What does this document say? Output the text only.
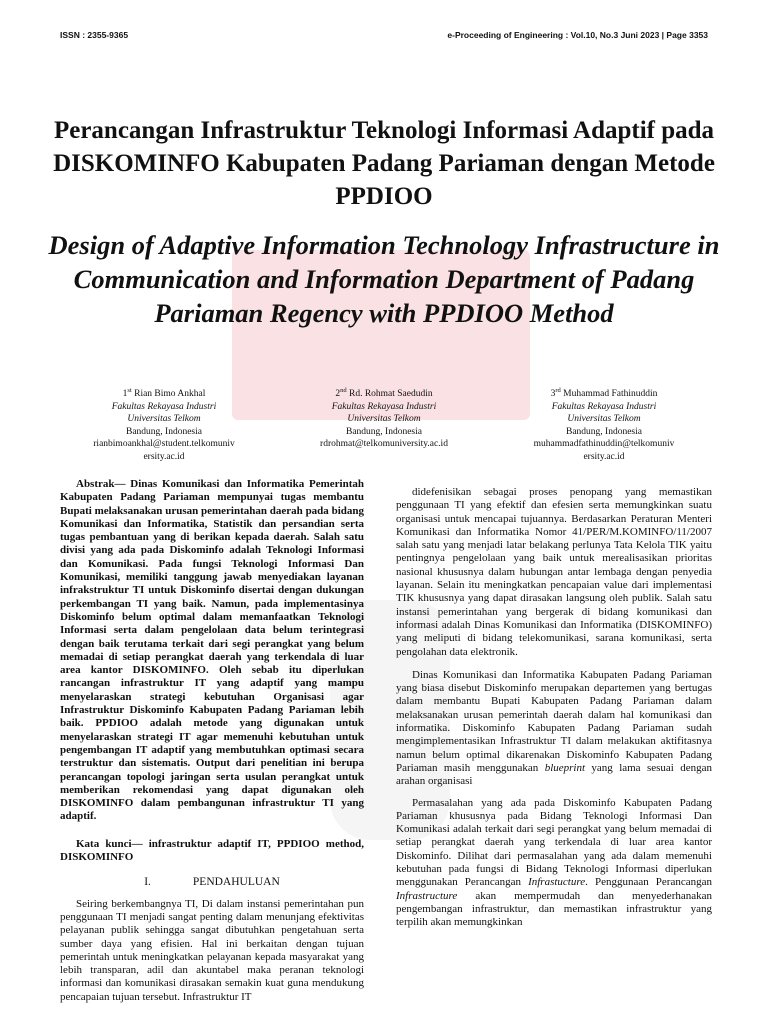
ISSN : 2355-9365	e-Proceeding of Engineering : Vol.10, No.3 Juni 2023 | Page 3353
Perancangan Infrastruktur Teknologi Informasi Adaptif pada DISKOMINFO Kabupaten Padang Pariaman dengan Metode PPDIOO
Design of Adaptive Information Technology Infrastructure in Communication and Information Department of Padang Pariaman Regency with PPDIOO Method
1st Rian Bimo Ankhal
Fakultas Rekayasa Industri
Universitas Telkom
Bandung, Indonesia
rianbimoankhal@student.telkomuniv ersity.ac.id
2nd Rd. Rohmat Saedudin
Fakultas Rekayasa Industri
Universitas Telkom
Bandung, Indonesia
rdrohmat@telkomuniversity.ac.id
3rd Muhammad Fathinuddin
Fakultas Rekayasa Industri
Universitas Telkom
Bandung, Indonesia
muhammadfathinuddin@telkomuniv ersity.ac.id

Abstrak— Dinas Komunikasi dan Informatika Pemerintah Kabupaten Padang Pariaman mempunyai tugas membantu Bupati melaksanakan urusan pemerintahan daerah pada bidang Komunikasi dan Informatika, Statistik dan persandian serta tugas pembantuan yang di berikan kepada daerah. Salah satu divisi yang ada pada Diskominfo adalah Teknologi Informasi dan Komunikasi. Pada fungsi Teknologi Informasi Dan Komunikasi, memiliki tanggung jawab menyediakan layanan infrakstruktur TI untuk Diskominfo disertai dengan dukungan perkembangan TI yang baik. Namun, pada implementasinya Diskominfo belum optimal dalam memanfaatkan Teknologi Informasi serta dalam pengelolaan data belum terintegrasi dengan baik terutama terkait dari segi perangkat yang belum memadai di setiap perangkat daerah yang terkendala di luar area kantor DISKOMINFO. Oleh sebab itu diperlukan rancangan infrastruktur IT yang adaptif yang mampu menyelaraskan strategi kebutuhan Organisasi agar Infrastruktur Diskominfo Kabupaten Padang Pariaman lebih baik. PPDIOO adalah metode yang digunakan untuk menyelaraskan strategi IT agar memenuhi kebutuhan untuk pengembangan IT adaptif yang membutuhkan optimasi secara terstruktur dan sistematis. Output dari penelitian ini berupa perancangan topologi jaringan serta usulan perangkat untuk memberikan rekomendasi yang dapat digunakan oleh DISKOMINFO dalam pembangunan infrastruktur TI yang adaptif.

Kata kunci— infrastruktur adaptif IT, PPDIOO method, DISKOMINFO

I.	PENDAHULUAN

Seiring berkembangnya TI, Di dalam instansi pemerintahan pun penggunaan TI menjadi sangat penting dalam menunjang efektivitas pelayanan publik sehingga sangat dibutuhkan pengetahuan serta sumber daya yang efisien. Hal ini berkaitan dengan tujuan pemerintah untuk meningkatkan pelayanan kepada masyarakat yang lebih transparan, adil dan akuntabel maka peranan teknologi informasi dan komunikasi dirasakan semakin kuat guna mendukung pencapaian tujuan tersebut. Infrastruktur IT

didefenisikan sebagai proses penopang yang memastikan penggunaan TI yang efektif dan efesien serta memungkinkan suatu organisasi untuk mencapai tujuannya. Berdasarkan Peraturan Menteri Komunikasi dan Informatika Nomor 41/PER/M.KOMINFO/11/2007 salah satu yang menjadi latar belakang perlunya Tata Kelola TIK yaitu pentingnya pengelolaan yang baik untuk merealisasikan prioritas nasional khususnya dalam hubungan antar lembaga dengan penyedia layanan. Selain itu meningkatkan pencapaian value dari implementasi TIK khususnya yang dapat dirasakan langsung oleh publik. Salah satu instansi pemerintahan yang bergerak di bidang komunikasi dan informasi adalah Dinas Komunikasi dan Informatika (DISKOMINFO) yang meliputi di bidang telekomunikasi, sarana komunikasi, serta pengolahan data elektronik.

Dinas Komunikasi dan Informatika Kabupaten Padang Pariaman yang biasa disebut Diskominfo merupakan departemen yang bertugas dalam membantu Bupati Kabupaten Padang Pariaman dalam melaksanakan urusan pemerintah daerah dalam hal komunikasi dan informatika. Diskominfo Kabupaten Padang Pariaman sudah mengimplementasikan Infrastruktur TI dalam melakukan aktifitasnya namun belum optimal dikarenakan Diskominfo Kabupaten Padang Pariaman masih menggunakan blueprint yang lama sesuai dengan arahan organisasi

Permasalahan yang ada pada Diskominfo Kabupaten Padang Pariaman khususnya pada Bidang Teknologi Informasi Dan Komunikasi adalah terkait dari segi perangkat yang belum memadai di setiap perangkat daerah yang terkendala di luar area kantor Diskominfo. Dilihat dari permasalahan yang ada dalam memenuhi kebutuhan pada fungsi di Bidang Teknologi Informasi diperlukan menggunakan Perancangan Infrastucture. Penggunaan Perancangan Infrastructure akan mempermudah dan menyederhanakan pengembangan infrastruktur, dan memastikan infrastruktur yang terpilih akan memungkinkan
